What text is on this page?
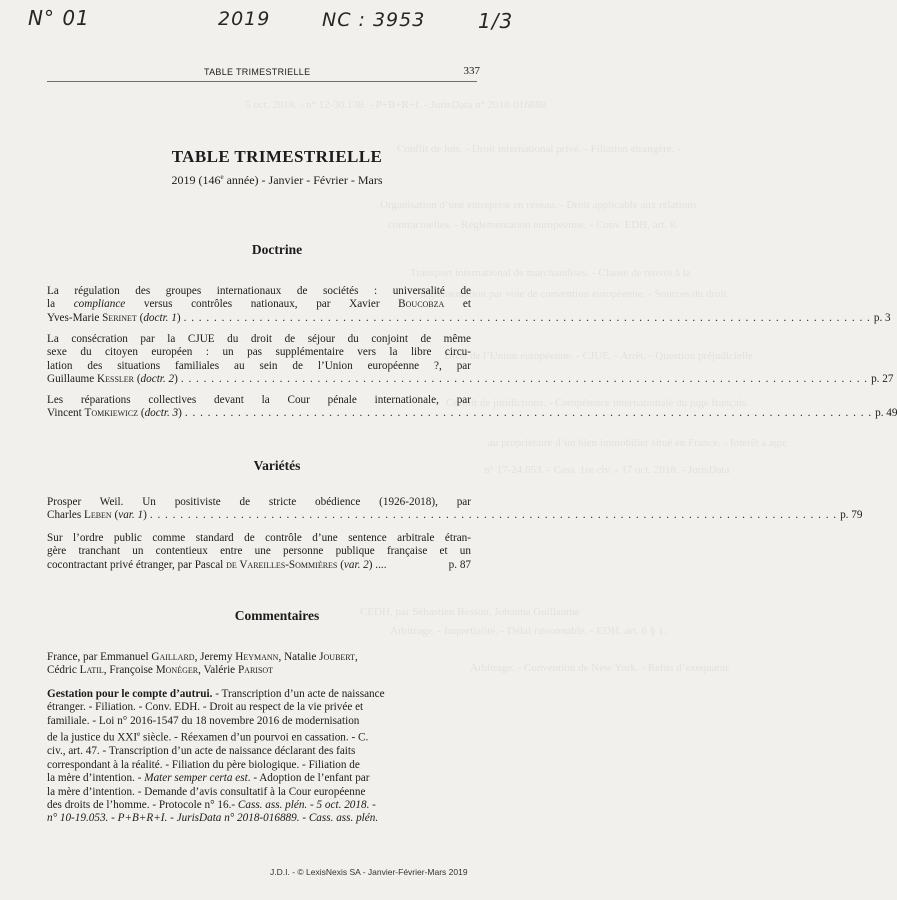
5 oct. 2018. - n° 12-30.138. - P+B+R+I. - JurisData n° 2018-016888
Conflit de lois. - Droit international privé. - Filiation étrangère. -
Organisation d’une entreprise en réseau. - Droit applicable aux relations
contractuelles. - Réglementation européenne. - Conv. EDH, art. 8.
Transport international de marchandises. - Clause de renvoi à la
réglementation par voie de convention européenne. - Sources du droit.
Droit de l’Union européenne. - CJUE. - Arrêt. - Question préjudicielle
Conflit de juridictions. - Compétence internationale du juge français.
au propriétaire d’un bien immobilier situé en France. - Intérêt à agir.
n° 17-24.653. - Cass. 1re civ. - 17 oct. 2018. - JurisData
CEDH, par Sébastien Besson, Johanna Guillaume
Arbitrage. - Impartialité. - Délai raisonnable. - EDH, art. 6 § 1.
Arbitrage. - Convention de New York. - Refus d’exequatur.
N° 01	2019	NC : 3953	1/3
TABLE TRIMESTRIELLE	337
TABLE TRIMESTRIELLE
2019 (146e année) - Janvier - Février - Mars
Doctrine
La régulation des groupes internationaux de sociétés : universalité de
la compliance versus contrôles nationaux, par Xavier Boucobza et
Yves-Marie Serinet (doctr. 1) . . .	p. 3
La consécration par la CJUE du droit de séjour du conjoint de même
sexe du citoyen européen : un pas supplémentaire vers la libre circu-
lation des situations familiales au sein de l’Union européenne ?, par
Guillaume Kessler (doctr. 2) . . .	p. 27
Les réparations collectives devant la Cour pénale internationale, par
Vincent Tomkiewicz (doctr. 3) . . .	p. 49
Variétés
Prosper Weil. Un positiviste de stricte obédience (1926-2018), par
Charles Leben (var. 1) . . .	p. 79
Sur l’ordre public comme standard de contrôle d’une sentence arbitrale étran-
gère tranchant un contentieux entre une personne publique française et un
cocontractant privé étranger, par Pascal de Vareilles-Sommières (var. 2) ....	p. 87
Commentaires
France, par Emmanuel Gaillard, Jeremy Heymann, Natalie Joubert,
Cédric Latil, Françoise Monéger, Valérie Parisot
Gestation pour le compte d’autrui. - Transcription d’un acte de naissance
étranger. - Filiation. - Conv. EDH. - Droit au respect de la vie privée et
familiale. - Loi n° 2016-1547 du 18 novembre 2016 de modernisation
de la justice du XXIe siècle. - Réexamen d’un pourvoi en cassation. - C.
civ., art. 47. - Transcription d’un acte de naissance déclarant des faits
correspondant à la réalité. - Filiation du père biologique. - Filiation de
la mère d’intention. - Mater semper certa est. - Adoption de l’enfant par
la mère d’intention. - Demande d’avis consultatif à la Cour européenne
des droits de l’homme. - Protocole n° 16.- Cass. ass. plén. - 5 oct. 2018. -
n° 10-19.053. - P+B+R+I. - JurisData n° 2018-016889. - Cass. ass. plén.
J.D.I. - © LexisNexis SA - Janvier-Février-Mars 2019
